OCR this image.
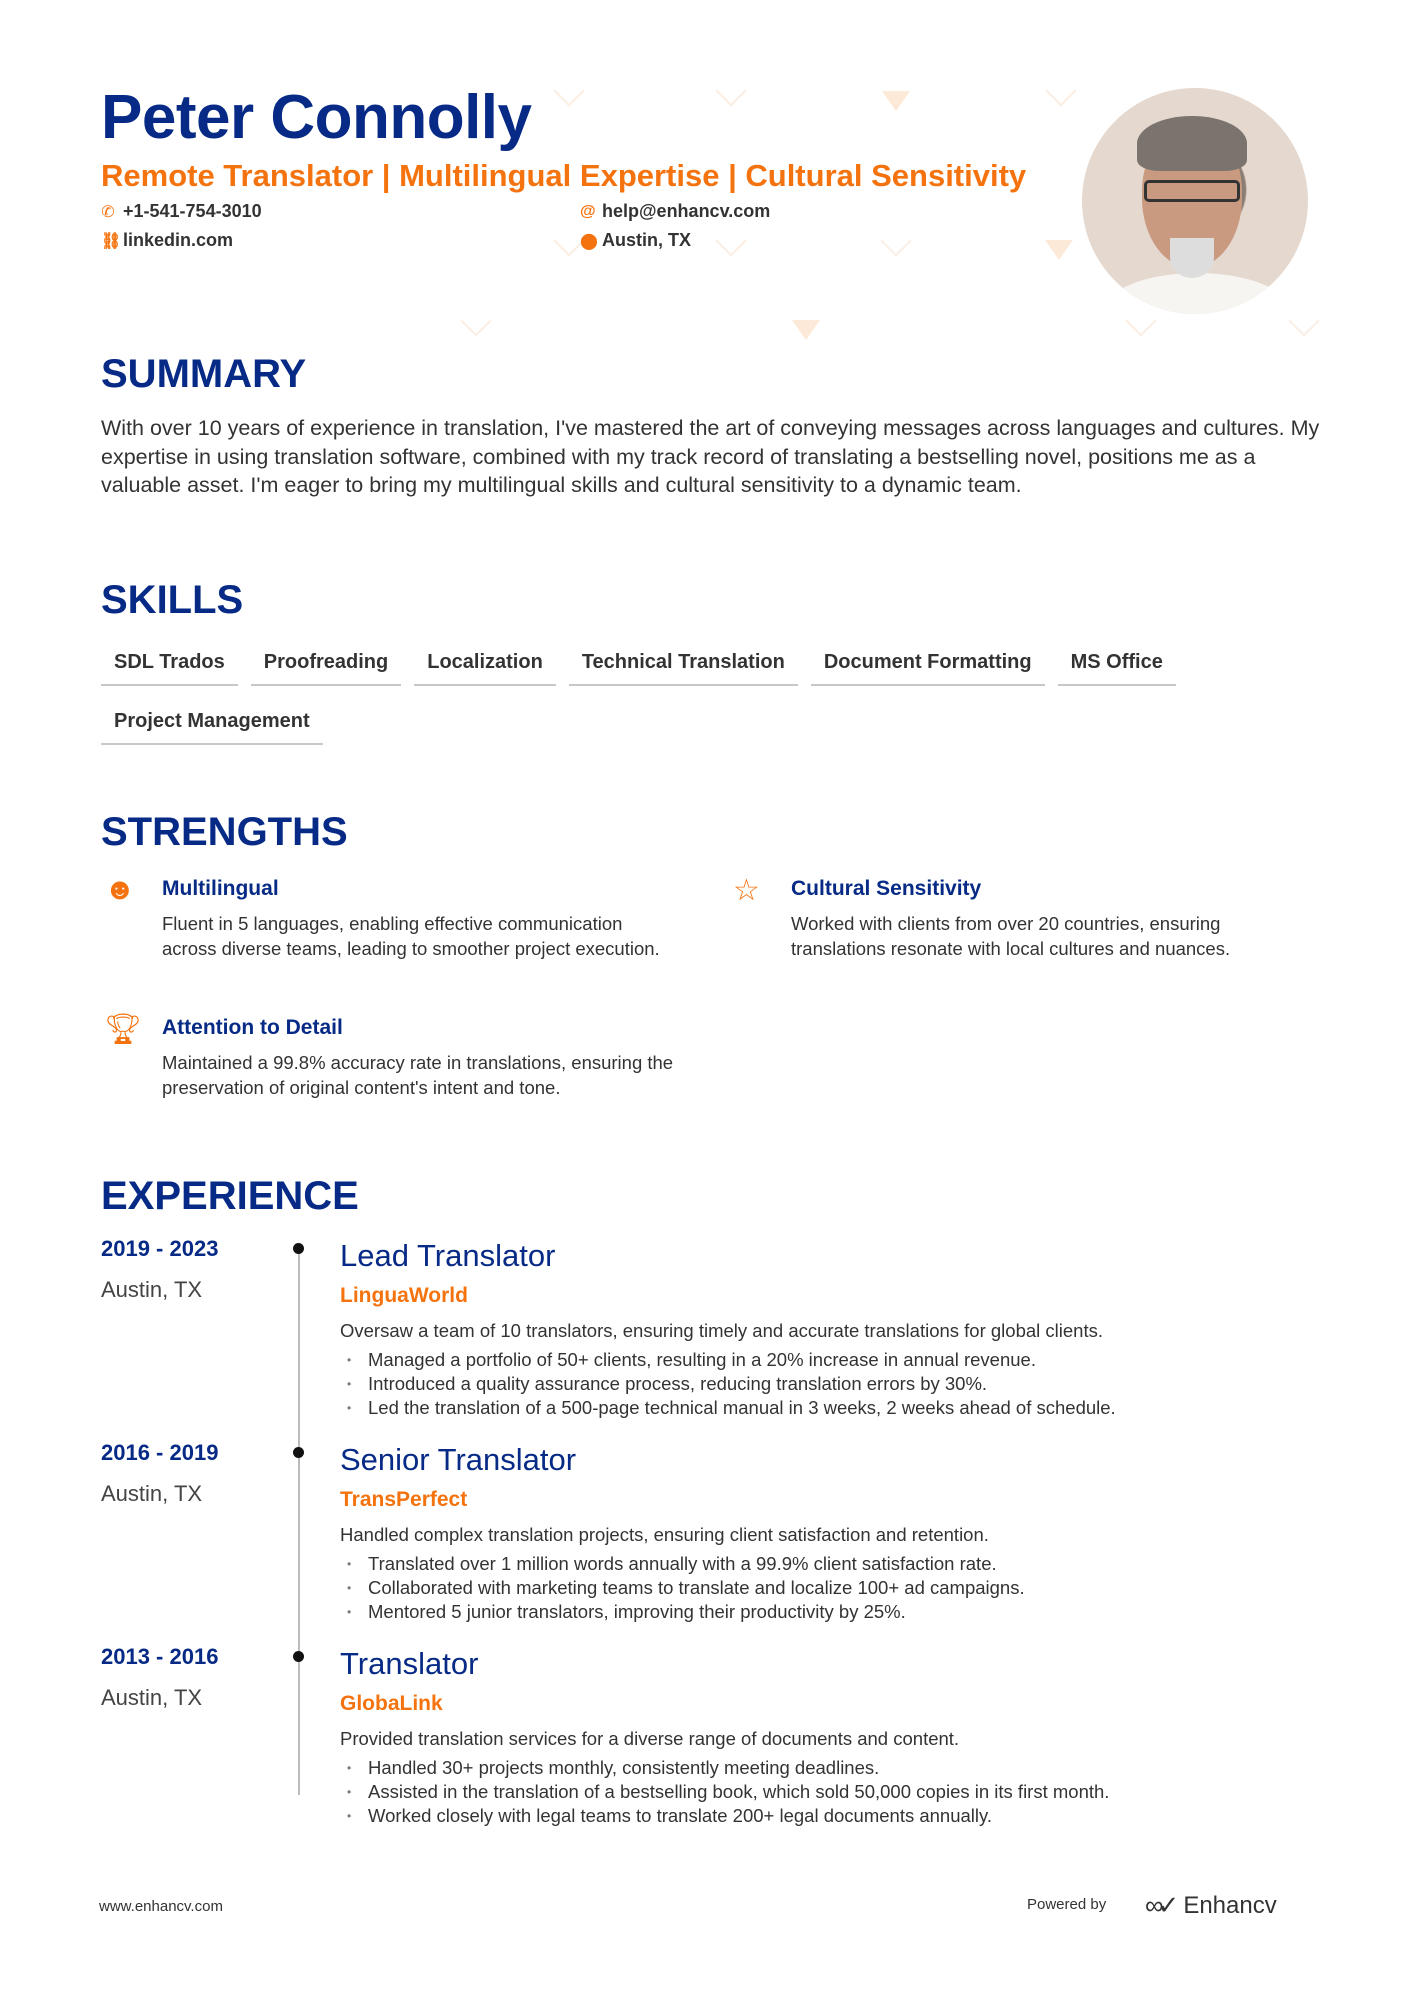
Peter Connolly
Remote Translator | Multilingual Expertise | Cultural Sensitivity
✆ +1-541-754-3010	@ help@enhancv.com
⛓ linkedin.com	⬤ Austin, TX
SUMMARY
With over 10 years of experience in translation, I've mastered the art of conveying messages across languages and cultures. My expertise in using translation software, combined with my track record of translating a bestselling novel, positions me as a valuable asset. I'm eager to bring my multilingual skills and cultural sensitivity to a dynamic team.
SKILLS
SDL Trados	Proofreading	Localization	Technical Translation	Document Formatting	MS Office
Project Management
STRENGTHS
☻ Multilingual
Fluent in 5 languages, enabling effective communication across diverse teams, leading to smoother project execution.
☆ Cultural Sensitivity
Worked with clients from over 20 countries, ensuring translations resonate with local cultures and nuances.
🏆︎ Attention to Detail
Maintained a 99.8% accuracy rate in translations, ensuring the preservation of original content's intent and tone.
EXPERIENCE
2019 - 2023
Austin, TX
Lead Translator
LinguaWorld
Oversaw a team of 10 translators, ensuring timely and accurate translations for global clients.
• Managed a portfolio of 50+ clients, resulting in a 20% increase in annual revenue.
• Introduced a quality assurance process, reducing translation errors by 30%.
• Led the translation of a 500-page technical manual in 3 weeks, 2 weeks ahead of schedule.
2016 - 2019
Austin, TX
Senior Translator
TransPerfect
Handled complex translation projects, ensuring client satisfaction and retention.
• Translated over 1 million words annually with a 99.9% client satisfaction rate.
• Collaborated with marketing teams to translate and localize 100+ ad campaigns.
• Mentored 5 junior translators, improving their productivity by 25%.
2013 - 2016
Austin, TX
Translator
GlobaLink
Provided translation services for a diverse range of documents and content.
• Handled 30+ projects monthly, consistently meeting deadlines.
• Assisted in the translation of a bestselling book, which sold 50,000 copies in its first month.
• Worked closely with legal teams to translate 200+ legal documents annually.
www.enhancv.com	Powered by ∞✓ Enhancv
